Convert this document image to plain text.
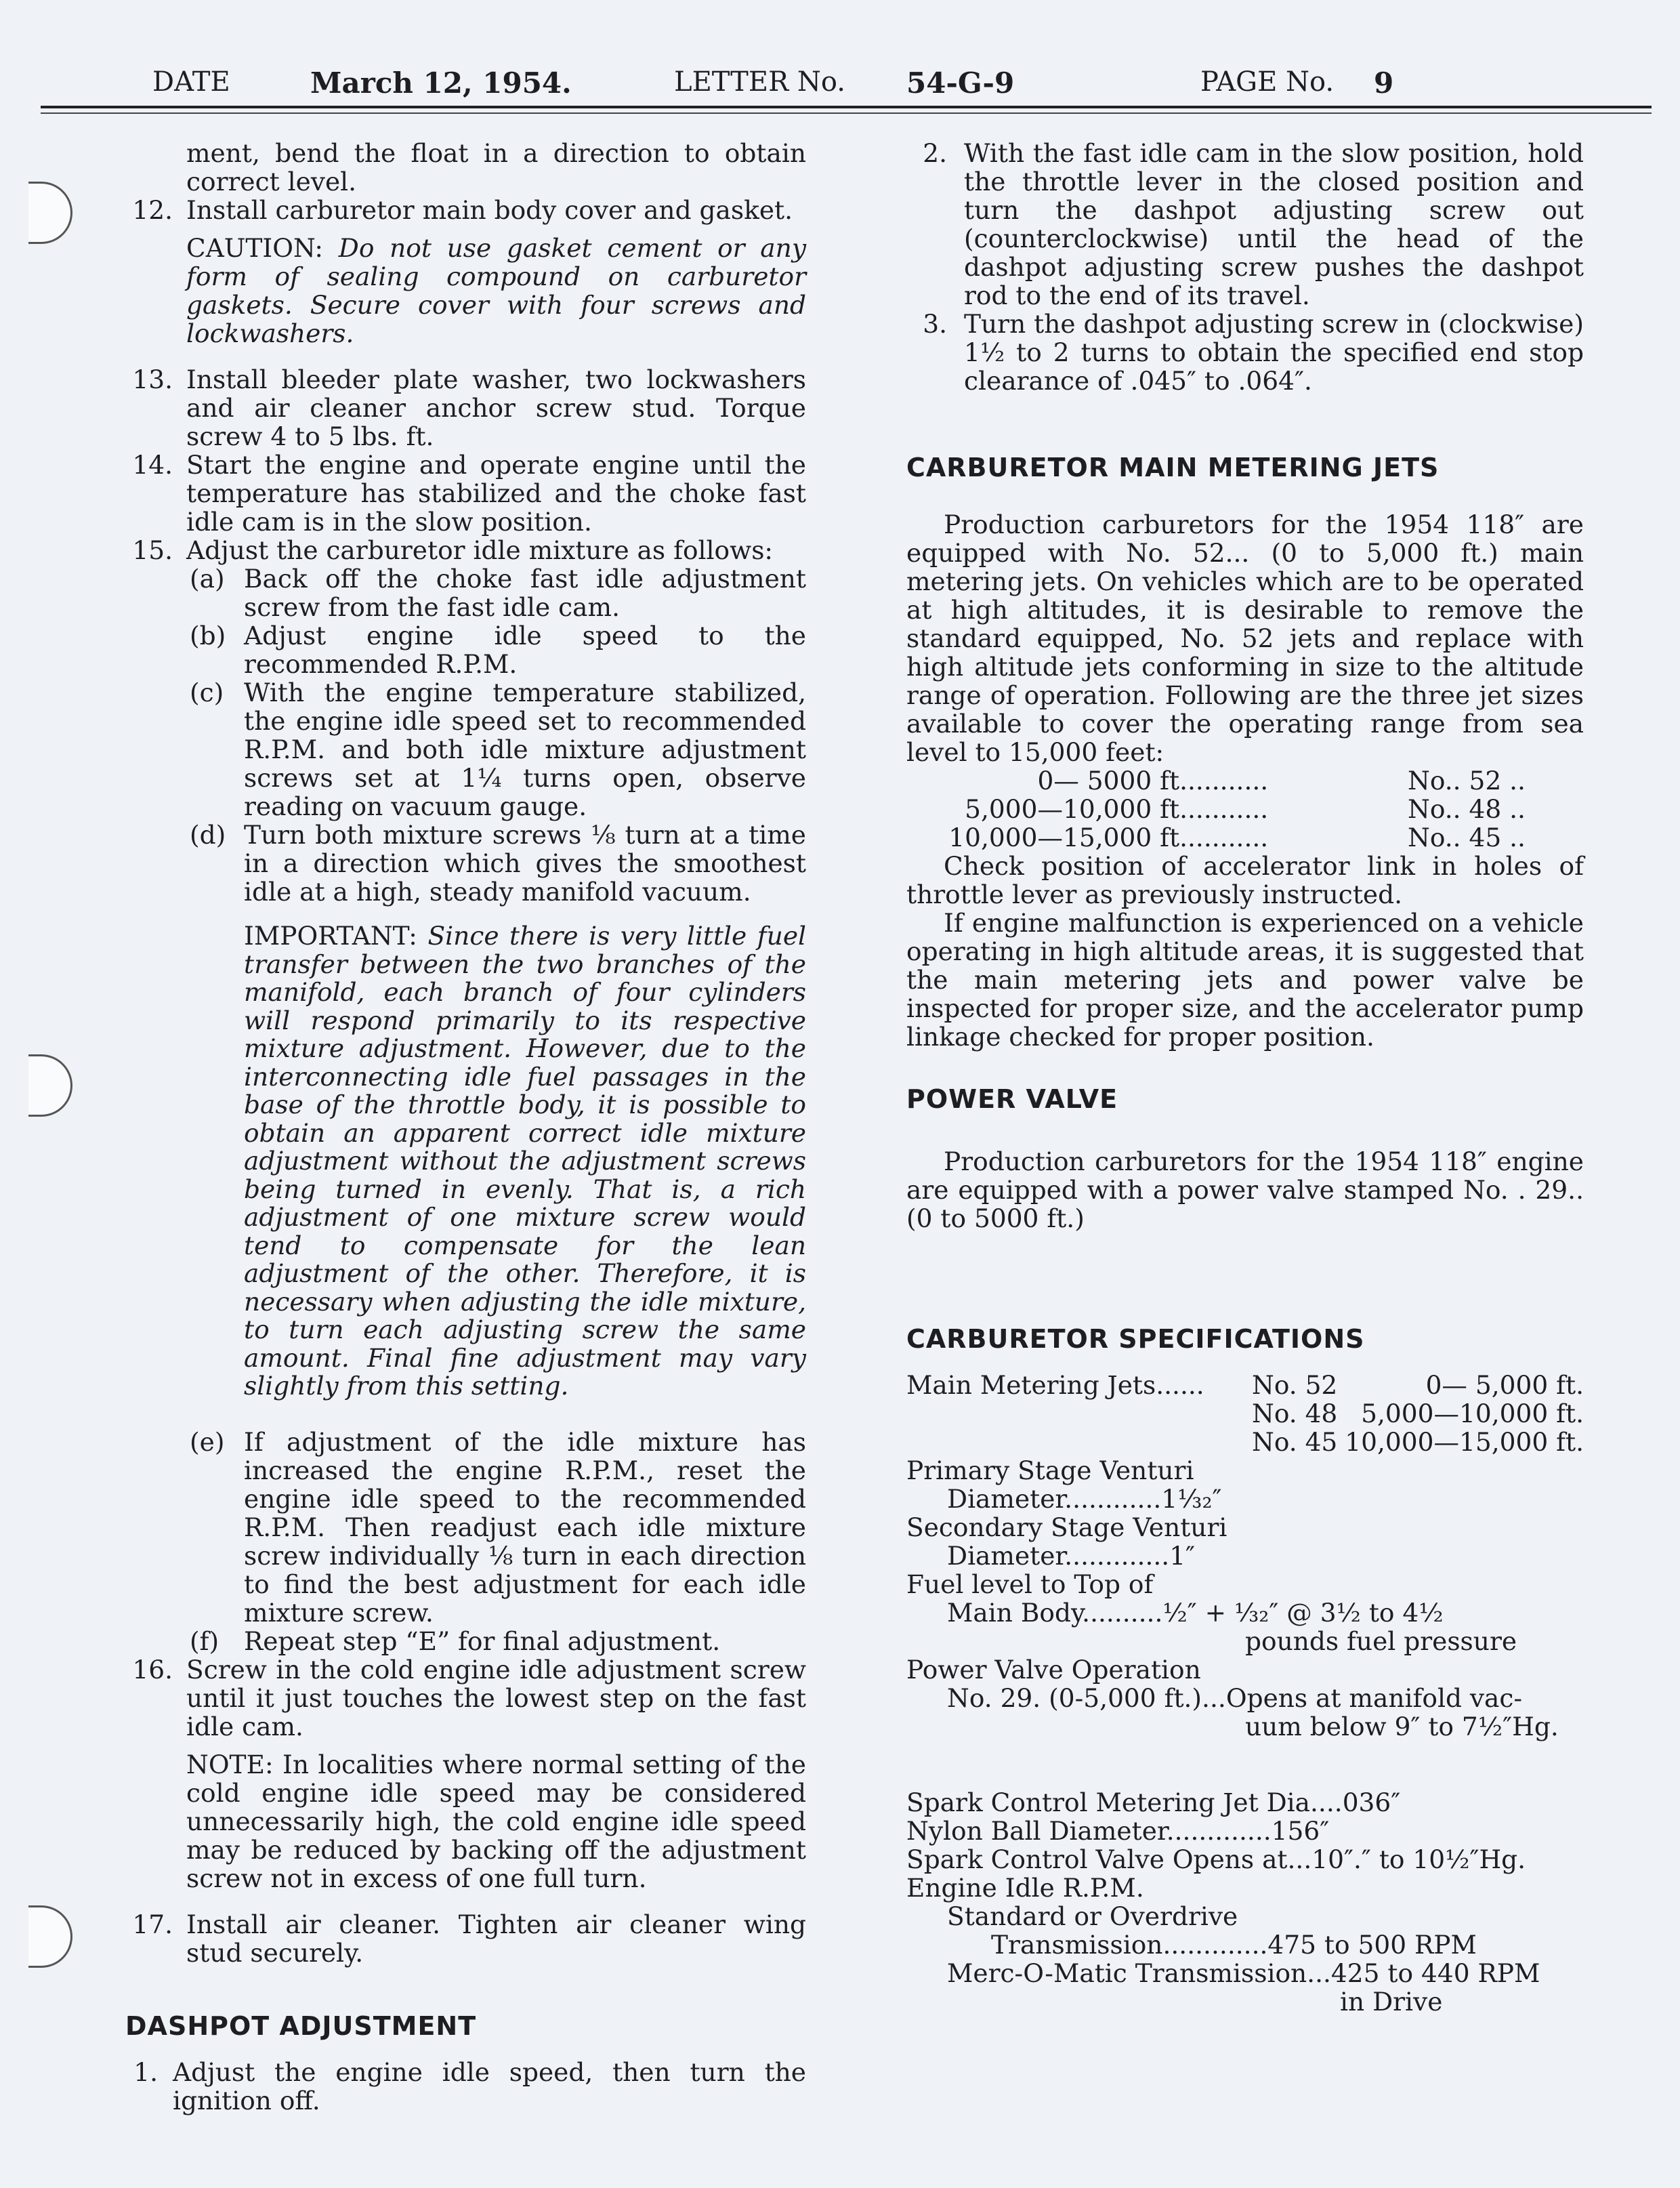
DATE	March 12, 1954.	LETTER No. 54-G-9	PAGE No. 9

ment, bend the float in a direction to obtain correct level.

12. Install carburetor main body cover and gasket.

CAUTION: Do not use gasket cement or any form of sealing compound on carburetor gaskets. Secure cover with four screws and lockwashers.

13. Install bleeder plate washer, two lockwashers and air cleaner anchor screw stud. Torque screw 4 to 5 lbs. ft.
14. Start the engine and operate engine until the temperature has stabilized and the choke fast idle cam is in the slow position.
15. Adjust the carburetor idle mixture as follows:
(a) Back off the choke fast idle adjustment screw from the fast idle cam.
(b) Adjust engine idle speed to the recommended R.P.M.
(c) With the engine temperature stabilized, the engine idle speed set to recommended R.P.M. and both idle mixture adjustment screws set at 1¼ turns open, observe reading on vacuum gauge.
(d) Turn both mixture screws ⅛ turn at a time in a direction which gives the smoothest idle at a high, steady manifold vacuum.

IMPORTANT: Since there is very little fuel transfer between the two branches of the manifold, each branch of four cylinders will respond primarily to its respective mixture adjustment. However, due to the interconnecting idle fuel passages in the base of the throttle body, it is possible to obtain an apparent correct idle mixture adjustment without the adjustment screws being turned in evenly. That is, a rich adjustment of one mixture screw would tend to compensate for the lean adjustment of the other. Therefore, it is necessary when adjusting the idle mixture, to turn each adjusting screw the same amount. Final fine adjustment may vary slightly from this setting.

(e) If adjustment of the idle mixture has increased the engine R.P.M., reset the engine idle speed to the recommended R.P.M. Then readjust each idle mixture screw individually ⅛ turn in each direction to find the best adjustment for each idle mixture screw.
(f) Repeat step “E” for final adjustment.
16. Screw in the cold engine idle adjustment screw until it just touches the lowest step on the fast idle cam.

NOTE: In localities where normal setting of the cold engine idle speed may be considered unnecessarily high, the cold engine idle speed may be reduced by backing off the adjustment screw not in excess of one full turn.

17. Install air cleaner. Tighten air cleaner wing stud securely.
DASHPOT ADJUSTMENT
1. Adjust the engine idle speed, then turn the ignition off.
2. With the fast idle cam in the slow position, hold the throttle lever in the closed position and turn the dashpot adjusting screw out (counterclockwise) until the head of the dashpot adjusting screw pushes the dashpot rod to the end of its travel.
3. Turn the dashpot adjusting screw in (clockwise) 1½ to 2 turns to obtain the specified end stop clearance of .045″ to .064″.
CARBURETOR MAIN METERING JETS

Production carburetors for the 1954 118″ are equipped with No. 52... (0 to 5,000 ft.) main metering jets. On vehicles which are to be operated at high altitudes, it is desirable to remove the standard equipped, No. 52 jets and replace with high altitude jets conforming in size to the altitude range of operation. Following are the three jet sizes available to cover the operating range from sea level to 15,000 feet:

0— 5000 ft. ..........	No.. 52 ..
5,000—10,000 ft. ..........	No.. 48 ..
10,000—15,000 ft. ..........	No.. 45 ..

Check position of accelerator link in holes of throttle lever as previously instructed.

If engine malfunction is experienced on a vehicle operating in high altitude areas, it is suggested that the main metering jets and power valve be inspected for proper size, and the accelerator pump linkage checked for proper position.

POWER VALVE

Production carburetors for the 1954 118″ engine are equipped with a power valve stamped No. . 29.. (0 to 5000 ft.)

CARBURETOR SPECIFICATIONS
Main Metering Jets...... No. 52	0— 5,000 ft.
No. 48 5,000—10,000 ft.
No. 45 10,000—15,000 ft.
Primary Stage Venturi
Diameter............1¹⁄₃₂″
Secondary Stage Venturi
Diameter.............1″
Fuel level to Top of
Main Body..........½″ + ¹⁄₃₂″ @ 3½ to 4½
pounds fuel pressure
Power Valve Operation
No. 29. (0-5,000 ft.)...Opens at manifold vac-
uum below 9″ to 7½″Hg.
Spark Control Metering Jet Dia....036″
Nylon Ball Diameter.............156″
Spark Control Valve Opens at...10″.″ to 10½″Hg.
Engine Idle R.P.M.
Standard or Overdrive
Transmission.............475 to 500 RPM
Merc-O-Matic Transmission...425 to 440 RPM
in Drive
